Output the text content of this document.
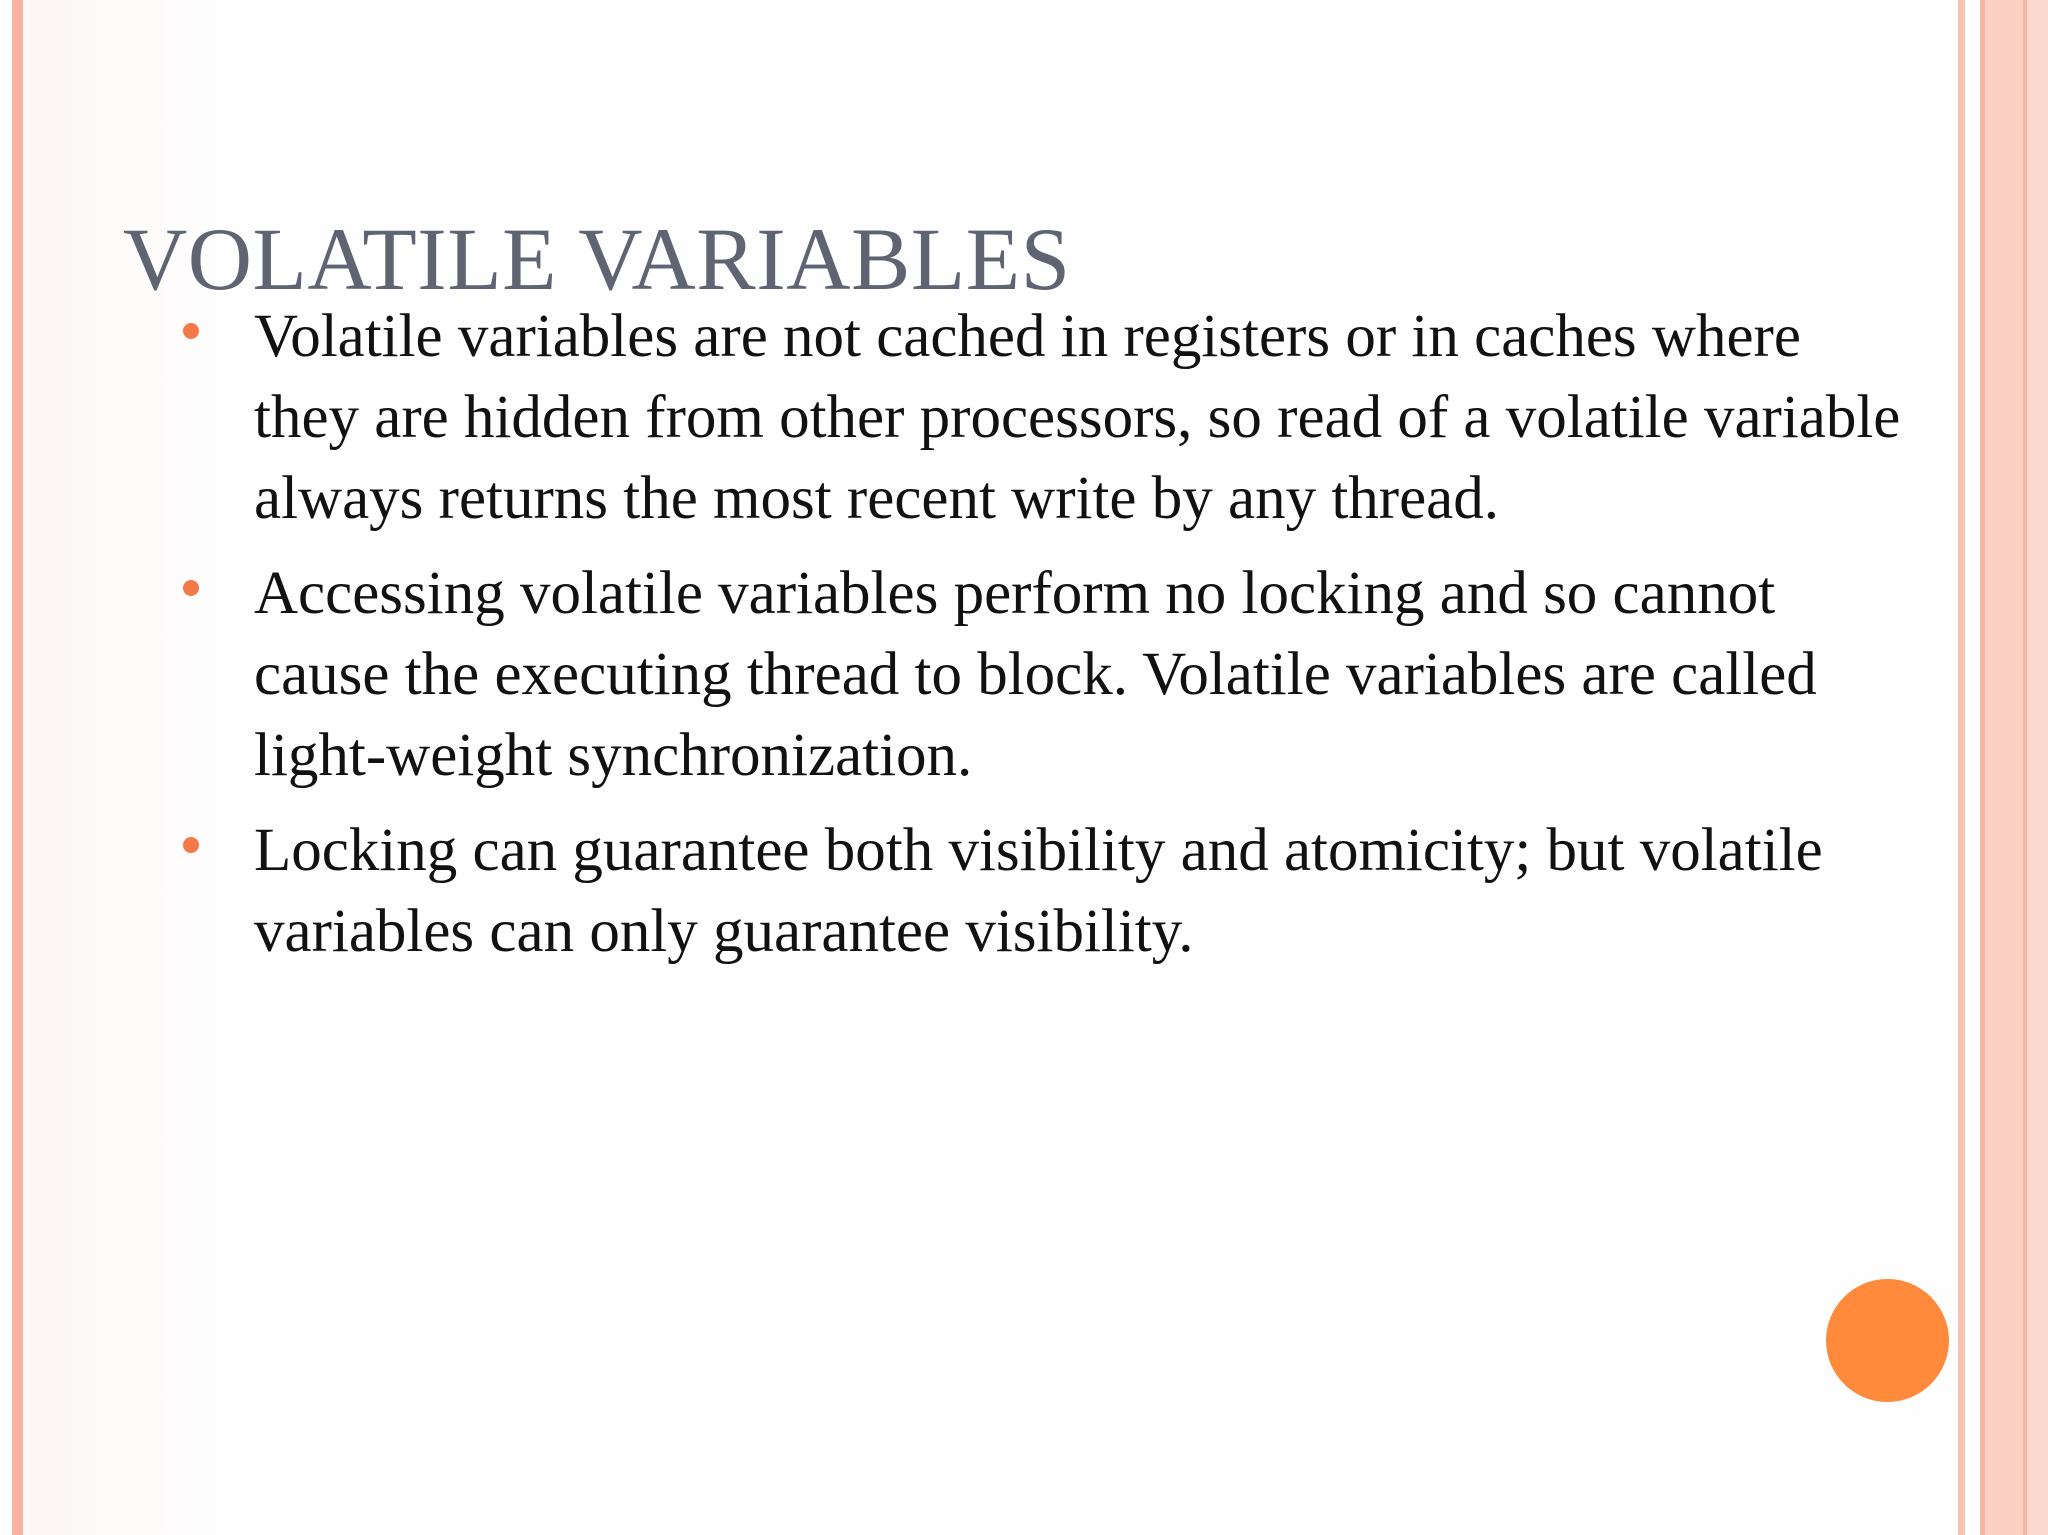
VOLATILE VARIABLES
Volatile variables are not cached in registers or in caches where they are hidden from other processors, so read of a volatile variable always returns the most recent write by any thread.
Accessing volatile variables perform no locking and so cannot cause the executing thread to block. Volatile variables are called light-weight synchronization.
Locking can guarantee both visibility and atomicity; but volatile variables can only guarantee visibility.
